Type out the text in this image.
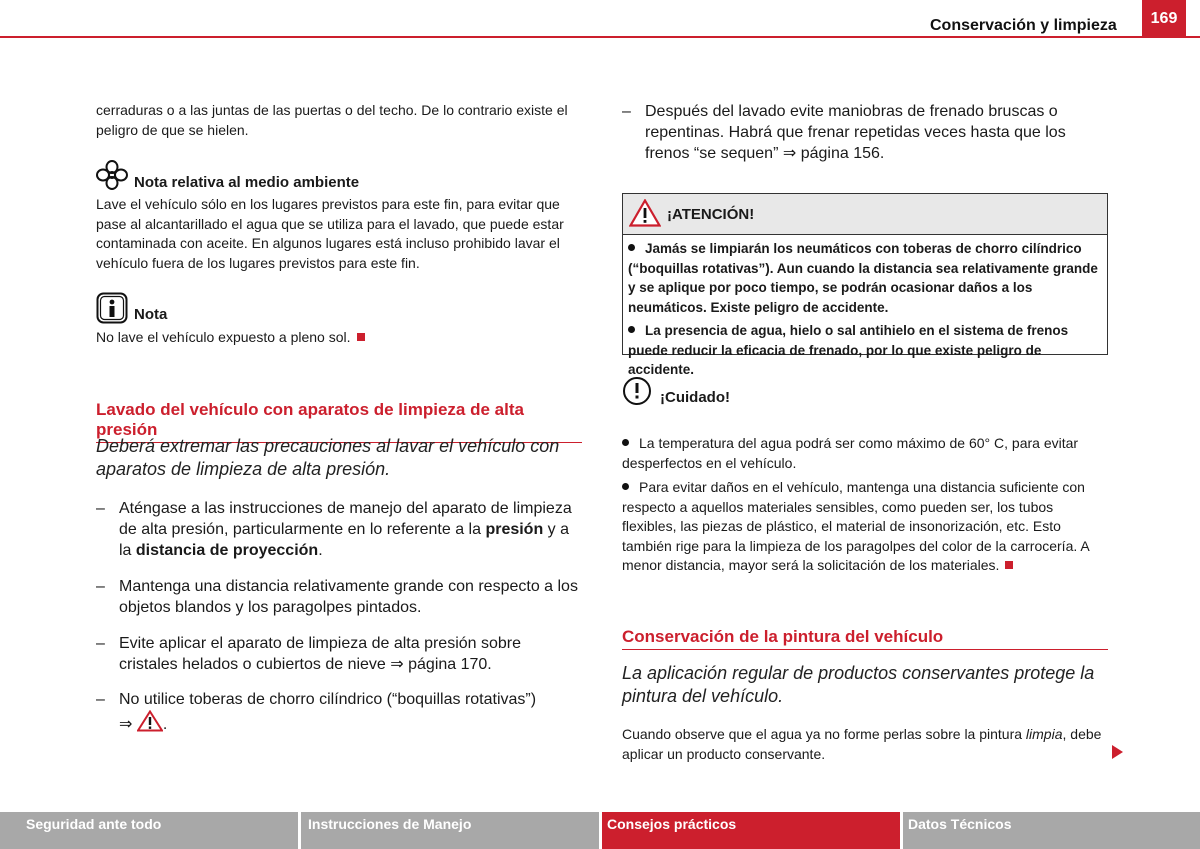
Conservación y limpieza	169
cerraduras o a las juntas de las puertas o del techo. De lo contrario existe el peligro de que se hielen.
Nota relativa al medio ambiente
Lave el vehículo sólo en los lugares previstos para este fin, para evitar que pase al alcantarillado el agua que se utiliza para el lavado, que puede estar contaminada con aceite. En algunos lugares está incluso prohibido lavar el vehículo fuera de los lugares previstos para este fin.
Nota
No lave el vehículo expuesto a pleno sol.
Lavado del vehículo con aparatos de limpieza de alta presión
Deberá extremar las precauciones al lavar el vehículo con aparatos de limpieza de alta presión.
– Aténgase a las instrucciones de manejo del aparato de limpieza de alta presión, particularmente en lo referente a la presión y a la distancia de proyección.
– Mantenga una distancia relativamente grande con respecto a los objetos blandos y los paragolpes pintados.
– Evite aplicar el aparato de limpieza de alta presión sobre cristales helados o cubiertos de nieve ⇒ página 170.
– No utilice toberas de chorro cilíndrico (“boquillas rotativas”)
⇒ .
– Después del lavado evite maniobras de frenado bruscas o repentinas. Habrá que frenar repetidas veces hasta que los frenos “se sequen” ⇒ página 156.
¡ATENCIÓN!
Jamás se limpiarán los neumáticos con toberas de chorro cilíndrico (“boquillas rotativas”). Aun cuando la distancia sea relativamente grande y se aplique por poco tiempo, se podrán ocasionar daños a los neumáticos. Existe peligro de accidente.
La presencia de agua, hielo o sal antihielo en el sistema de frenos puede reducir la eficacia de frenado, por lo que existe peligro de accidente.
¡Cuidado!
La temperatura del agua podrá ser como máximo de 60° C, para evitar desperfectos en el vehículo.
Para evitar daños en el vehículo, mantenga una distancia suficiente con respecto a aquellos materiales sensibles, como pueden ser, los tubos flexibles, las piezas de plástico, el material de insonorización, etc. Esto también rige para la limpieza de los paragolpes del color de la carrocería. A menor distancia, mayor será la solicitación de los materiales.
Conservación de la pintura del vehículo
La aplicación regular de productos conservantes protege la pintura del vehículo.
Cuando observe que el agua ya no forme perlas sobre la pintura limpia, debe aplicar un producto conservante.
Seguridad ante todo	Instrucciones de Manejo	Consejos prácticos	Datos Técnicos
